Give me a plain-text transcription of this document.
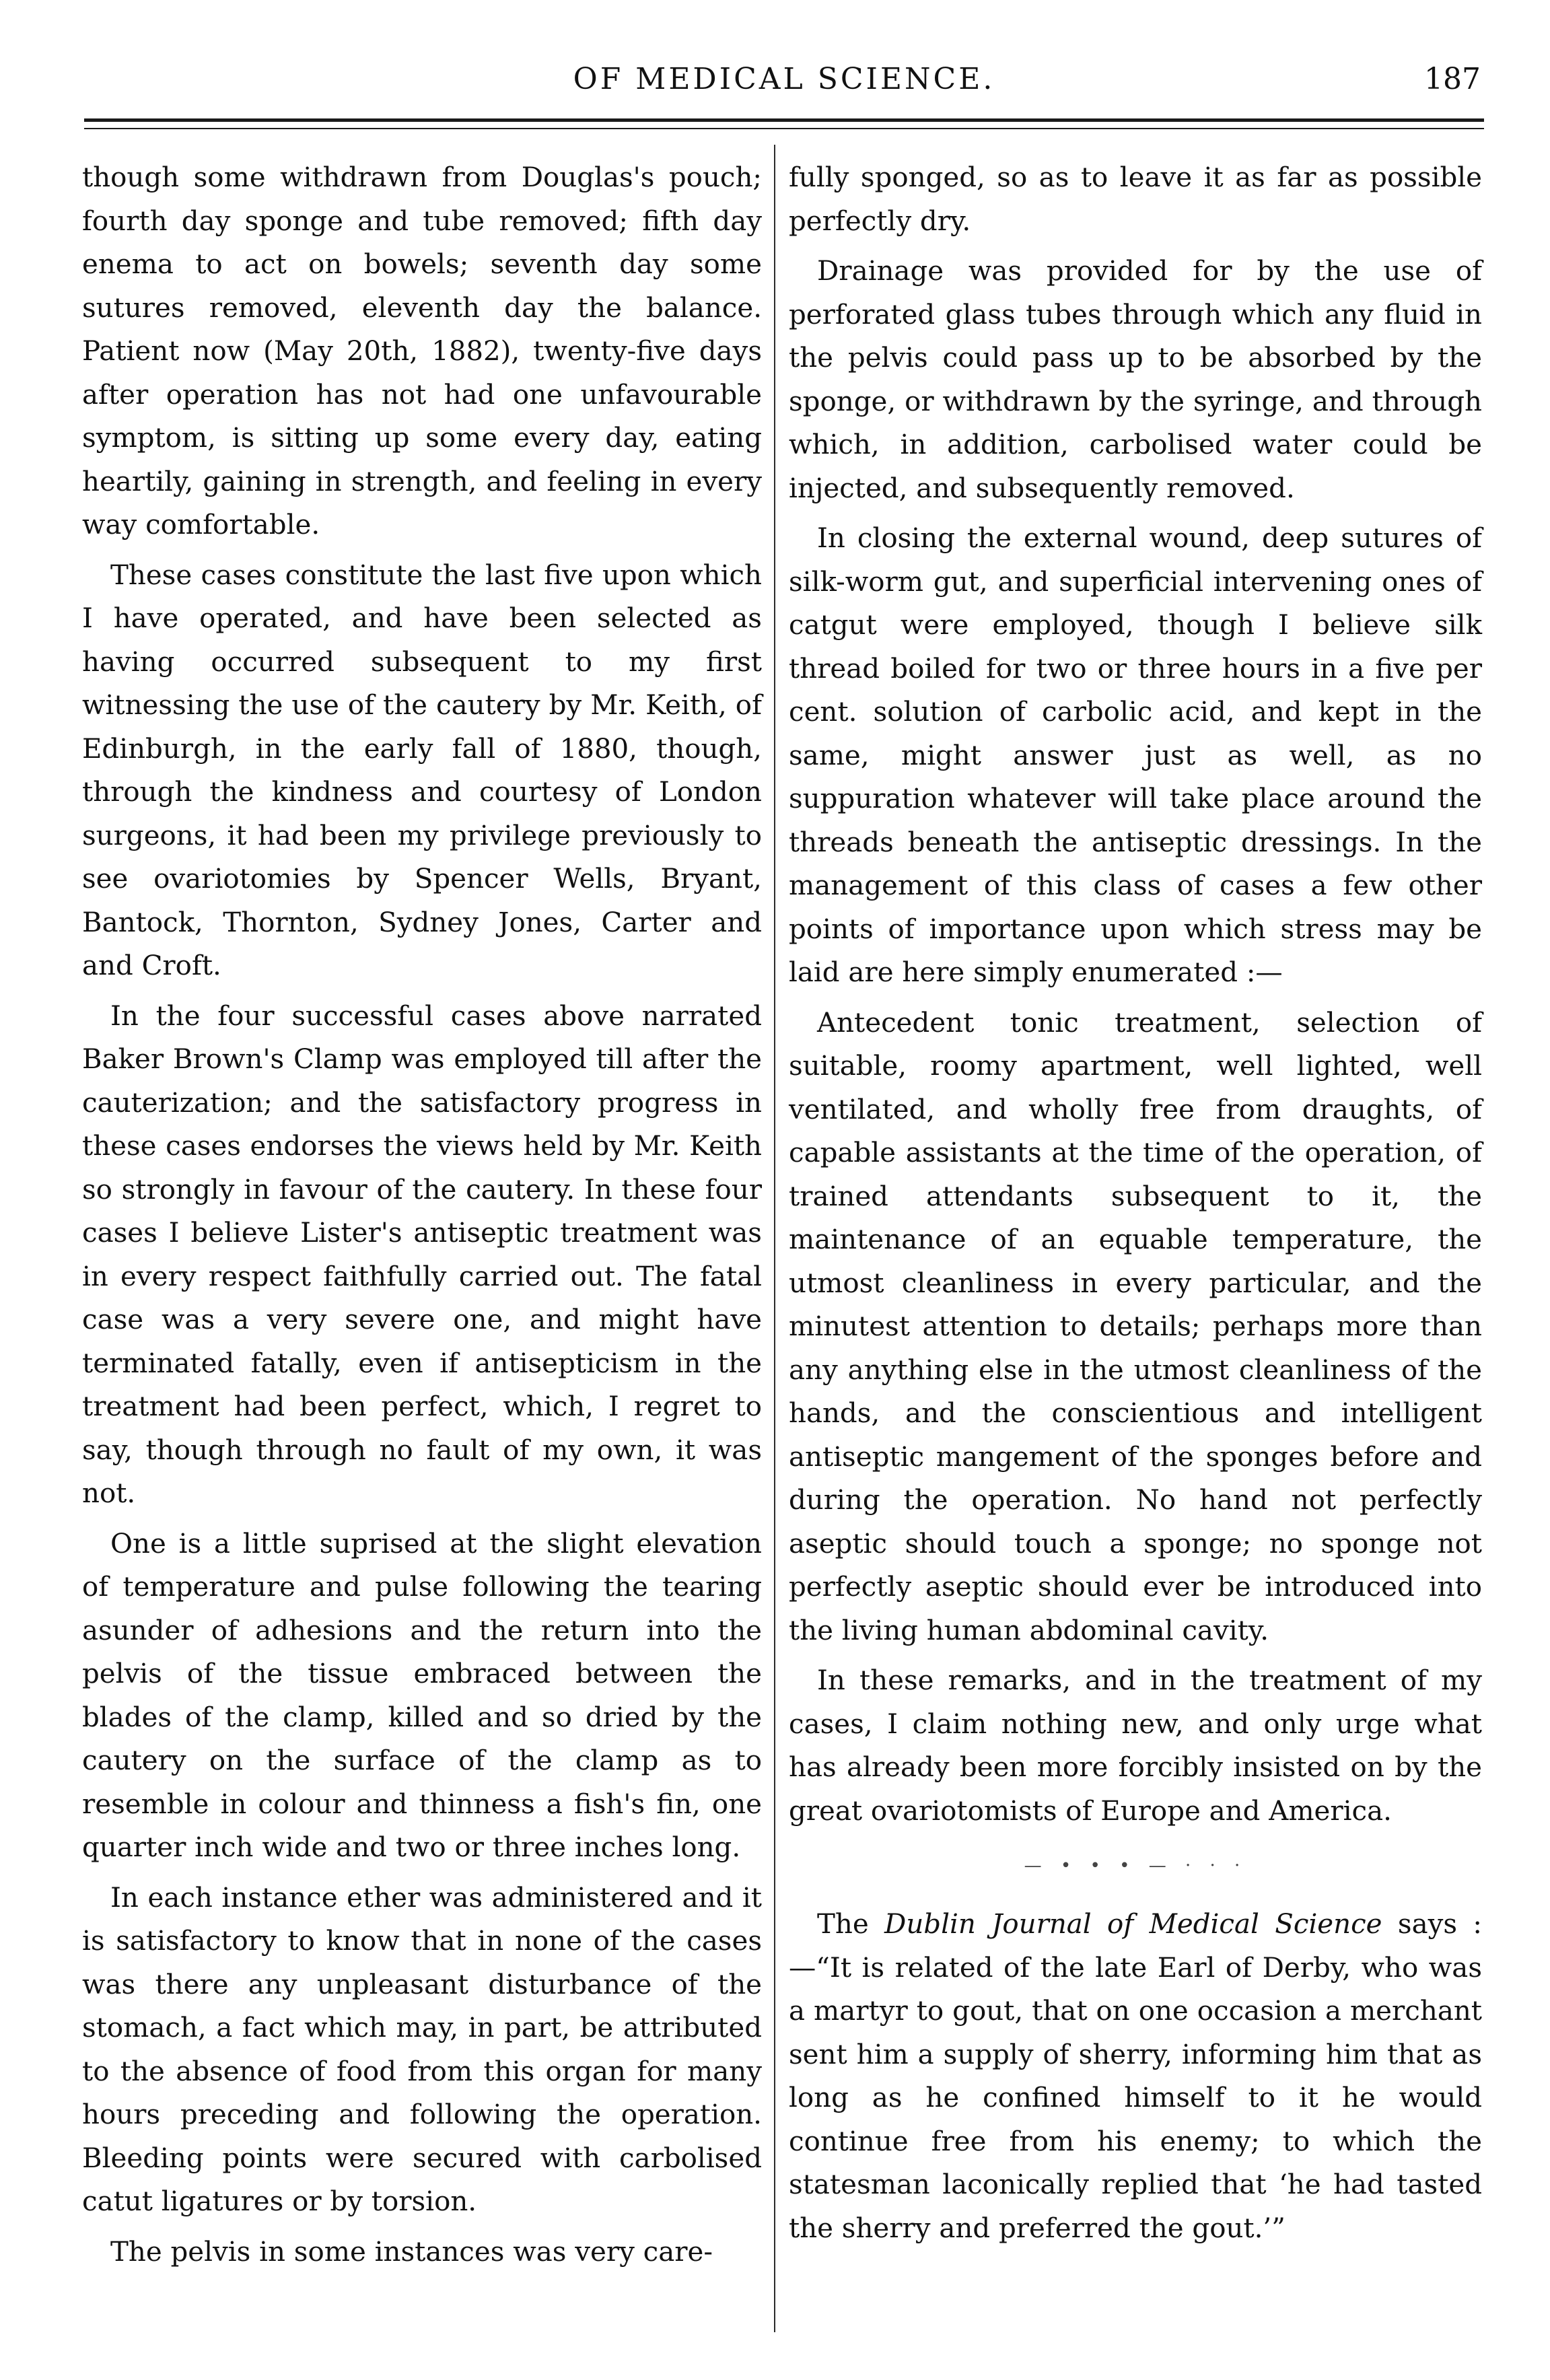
OF MEDICAL SCIENCE.	187

though some withdrawn from Douglas's pouch; fourth day sponge and tube removed; fifth day enema to act on bowels; seventh day some sutures removed, eleventh day the balance. Patient now (May 20th, 1882), twenty-five days after operation has not had one unfavourable symptom, is sitting up some every day, eating heartily, gaining in strength, and feeling in every way comfortable.

These cases constitute the last five upon which I have operated, and have been selected as having occurred subsequent to my first witnessing the use of the cautery by Mr. Keith, of Edinburgh, in the early fall of 1880, though, through the kindness and courtesy of London surgeons, it had been my privilege previously to see ovariotomies by Spencer Wells, Bryant, Bantock, Thornton, Sydney Jones, Carter and and Croft.

In the four successful cases above narrated Baker Brown's Clamp was employed till after the cauterization; and the satisfactory progress in these cases endorses the views held by Mr. Keith so strongly in favour of the cautery. In these four cases I believe Lister's antiseptic treatment was in every respect faithfully carried out. The fatal case was a very severe one, and might have terminated fatally, even if antisepticism in the treatment had been perfect, which, I regret to say, though through no fault of my own, it was not.

One is a little suprised at the slight elevation of temperature and pulse following the tearing asunder of adhesions and the return into the pelvis of the tissue embraced between the blades of the clamp, killed and so dried by the cautery on the surface of the clamp as to resemble in colour and thinness a fish's fin, one quarter inch wide and two or three inches long.

In each instance ether was administered and it is satisfactory to know that in none of the cases was there any unpleasant disturbance of the stomach, a fact which may, in part, be attributed to the absence of food from this organ for many hours preceding and following the operation. Bleeding points were secured with carbolised catut ligatures or by torsion.

The pelvis in some instances was very care-

fully sponged, so as to leave it as far as possible perfectly dry.

Drainage was provided for by the use of perforated glass tubes through which any fluid in the pelvis could pass up to be absorbed by the sponge, or withdrawn by the syringe, and through which, in addition, carbolised water could be injected, and subsequently removed.

In closing the external wound, deep sutures of silk-worm gut, and superficial intervening ones of catgut were employed, though I believe silk thread boiled for two or three hours in a five per cent. solution of carbolic acid, and kept in the same, might answer just as well, as no suppuration whatever will take place around the threads beneath the antiseptic dressings. In the management of this class of cases a few other points of importance upon which stress may be laid are here simply enumerated :—

Antecedent tonic treatment, selection of suitable, roomy apartment, well lighted, well ventilated, and wholly free from draughts, of capable assistants at the time of the operation, of trained attendants subsequent to it, the maintenance of an equable temperature, the utmost cleanliness in every particular, and the minutest attention to details; perhaps more than any anything else in the utmost cleanliness of the hands, and the conscientious and intelligent antiseptic mangement of the sponges before and during the operation. No hand not perfectly aseptic should touch a sponge; no sponge not perfectly aseptic should ever be introduced into the living human abdominal cavity.

In these remarks, and in the treatment of my cases, I claim nothing new, and only urge what has already been more forcibly insisted on by the great ovariotomists of Europe and America.

— • • • — · · ·

The Dublin Journal of Medical Science says :—“It is related of the late Earl of Derby, who was a martyr to gout, that on one occasion a merchant sent him a supply of sherry, informing him that as long as he confined himself to it he would continue free from his enemy; to which the statesman laconically replied that ‘he had tasted the sherry and preferred the gout.’”
